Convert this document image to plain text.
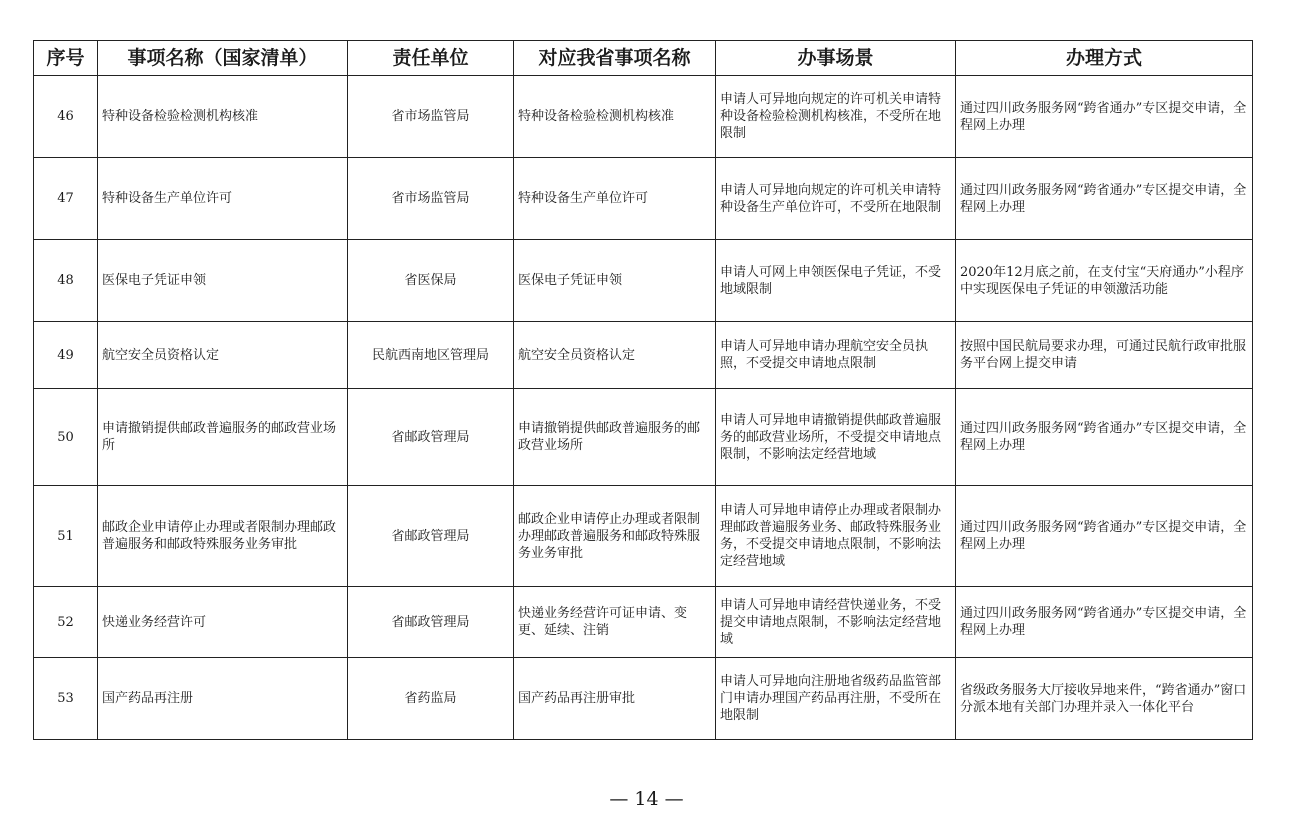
序号	事项名称（国家清单）	责任单位	对应我省事项名称	办事场景	办理方式
46	特种设备检验检测机构核准	省市场监管局	特种设备检验检测机构核准	申请人可异地向规定的许可机关申请特种设备检验检测机构核准，不受所在地限制	通过四川政务服务网“跨省通办”专区提交申请，全程网上办理
47	特种设备生产单位许可	省市场监管局	特种设备生产单位许可	申请人可异地向规定的许可机关申请特种设备生产单位许可，不受所在地限制	通过四川政务服务网“跨省通办”专区提交申请，全程网上办理
48	医保电子凭证申领	省医保局	医保电子凭证申领	申请人可网上申领医保电子凭证，不受地域限制	2020年12月底之前，在支付宝“天府通办”小程序中实现医保电子凭证的申领激活功能
49	航空安全员资格认定	民航西南地区管理局	航空安全员资格认定	申请人可异地申请办理航空安全员执照，不受提交申请地点限制	按照中国民航局要求办理，可通过民航行政审批服务平台网上提交申请
50	申请撤销提供邮政普遍服务的邮政营业场所	省邮政管理局	申请撤销提供邮政普遍服务的邮政营业场所	申请人可异地申请撤销提供邮政普遍服务的邮政营业场所，不受提交申请地点限制，不影响法定经营地域	通过四川政务服务网“跨省通办”专区提交申请，全程网上办理
51	邮政企业申请停止办理或者限制办理邮政普遍服务和邮政特殊服务业务审批	省邮政管理局	邮政企业申请停止办理或者限制办理邮政普遍服务和邮政特殊服务业务审批	申请人可异地申请停止办理或者限制办理邮政普遍服务业务、邮政特殊服务业务，不受提交申请地点限制，不影响法定经营地域	通过四川政务服务网“跨省通办”专区提交申请，全程网上办理
52	快递业务经营许可	省邮政管理局	快递业务经营许可证申请、变更、延续、注销	申请人可异地申请经营快递业务，不受提交申请地点限制，不影响法定经营地域	通过四川政务服务网“跨省通办”专区提交申请，全程网上办理
53	国产药品再注册	省药监局	国产药品再注册审批	申请人可异地向注册地省级药品监管部门申请办理国产药品再注册，不受所在地限制	省级政务服务大厅接收异地来件，“跨省通办”窗口分派本地有关部门办理并录入一体化平台
— 14 —
